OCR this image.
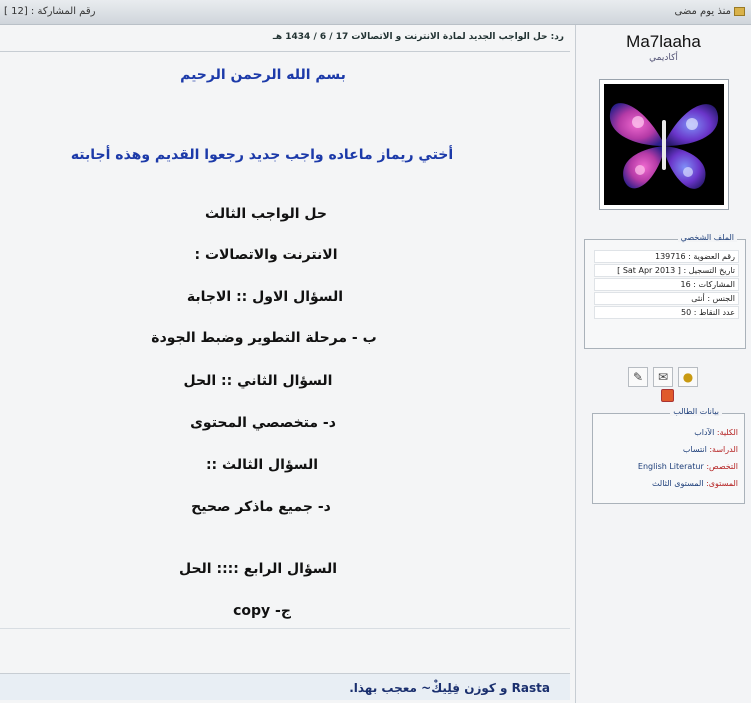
رقم المشاركة : [12 ]	منذ يوم مضى
رد: حل الواجب الجديد لمادة الانترنت و الاتصالات 17 / 6 / 1434 هـ
بسم الله الرحمن الرحيم
أختي ريماز ماعاده واجب جديد رجعوا القديم وهذه أجابته
حل الواجب الثالث
الانترنت والاتصالات :
السؤال الاول :: الاجابة
ب - مرحلة التطوير وضبط الجودة
السؤال الثاني :: الحل
د- متخصصي المحتوى
السؤال الثالث ::
د- جميع ماذكر صحيح
السؤال الرابع :::: الحل
ج- copy
Rasta و كوزن فِلِيكْ~ معجب بهذا.
Ma7laaha
أكاديمي
الملف الشخصي
رقم العضوية : 139716
تاريخ التسجيل : [ Sat Apr 2013 ]
المشاركات : 16
الجنس : أنثى
عدد النقاط : 50
✎	✉	●
بيانات الطالب
الكلية: الآداب
الدراسة: انتساب
التخصص: English Literatur
المستوى: المستوى الثالث
